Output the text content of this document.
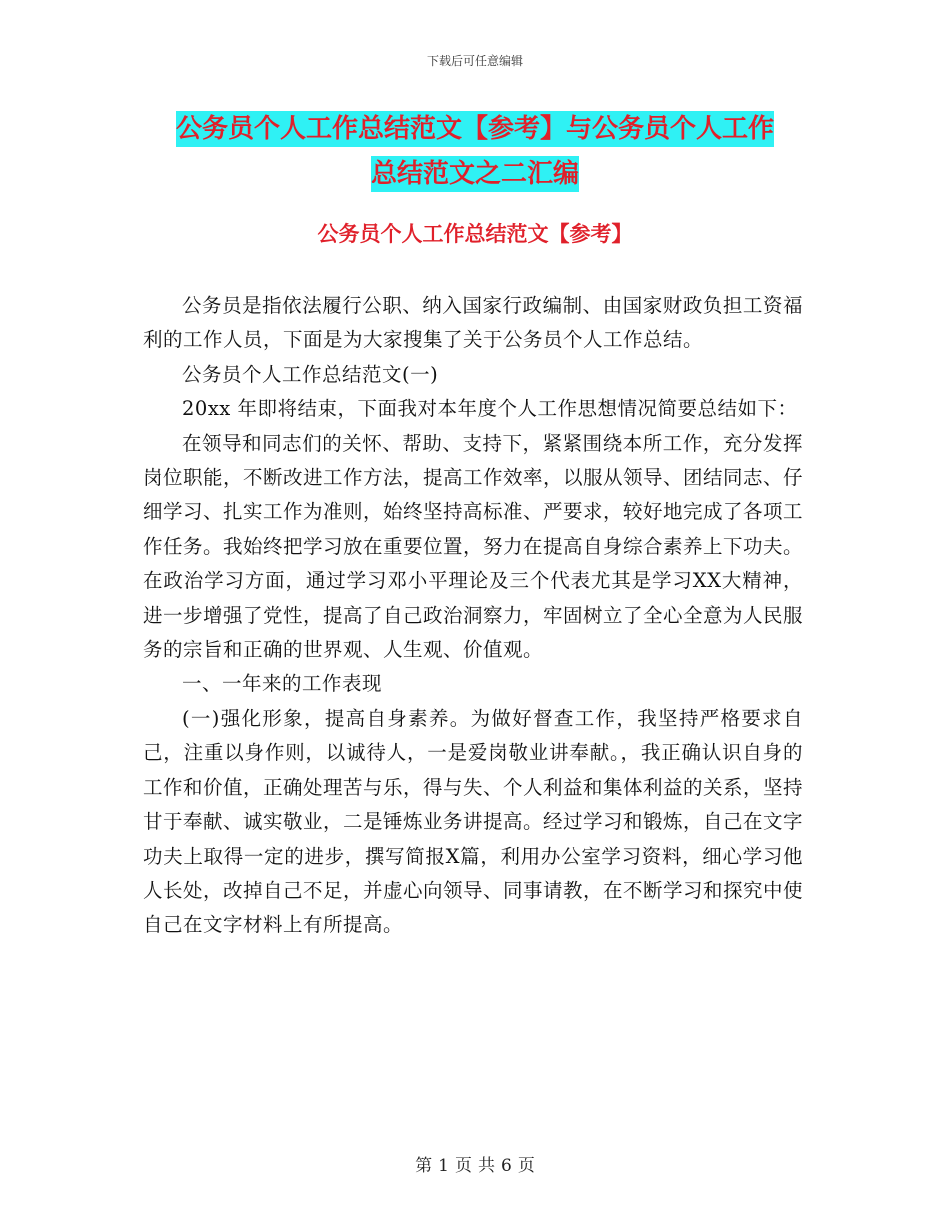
下载后可任意编辑
公务员个人工作总结范文【参考】与公务员个人工作
总结范文之二汇编
公务员个人工作总结范文【参考】

公务员是指依法履行公职、纳入国家行政编制、由国家财政负担工资福利的工作人员，下面是为大家搜集了关于公务员个人工作总结。

公务员个人工作总结范文(一)

20xx 年即将结束，下面我对本年度个人工作思想情况简要总结如下：

在领导和同志们的关怀、帮助、支持下，紧紧围绕本所工作，充分发挥岗位职能，不断改进工作方法，提高工作效率，以服从领导、团结同志、仔细学习、扎实工作为准则，始终坚持高标准、严要求，较好地完成了各项工作任务。我始终把学习放在重要位置，努力在提高自身综合素养上下功夫。在政治学习方面，通过学习邓小平理论及三个代表尤其是学习XX大精神，进一步增强了党性，提高了自己政治洞察力，牢固树立了全心全意为人民服务的宗旨和正确的世界观、人生观、价值观。

一、一年来的工作表现

(一)强化形象，提高自身素养。为做好督查工作，我坚持严格要求自己，注重以身作则，以诚待人，一是爱岗敬业讲奉献。，我正确认识自身的工作和价值，正确处理苦与乐，得与失、个人利益和集体利益的关系，坚持甘于奉献、诚实敬业，二是锤炼业务讲提高。经过学习和锻炼，自己在文字功夫上取得一定的进步，撰写简报X篇，利用办公室学习资料，细心学习他人长处，改掉自己不足，并虚心向领导、同事请教，在不断学习和探究中使自己在文字材料上有所提高。

第 1 页 共 6 页
